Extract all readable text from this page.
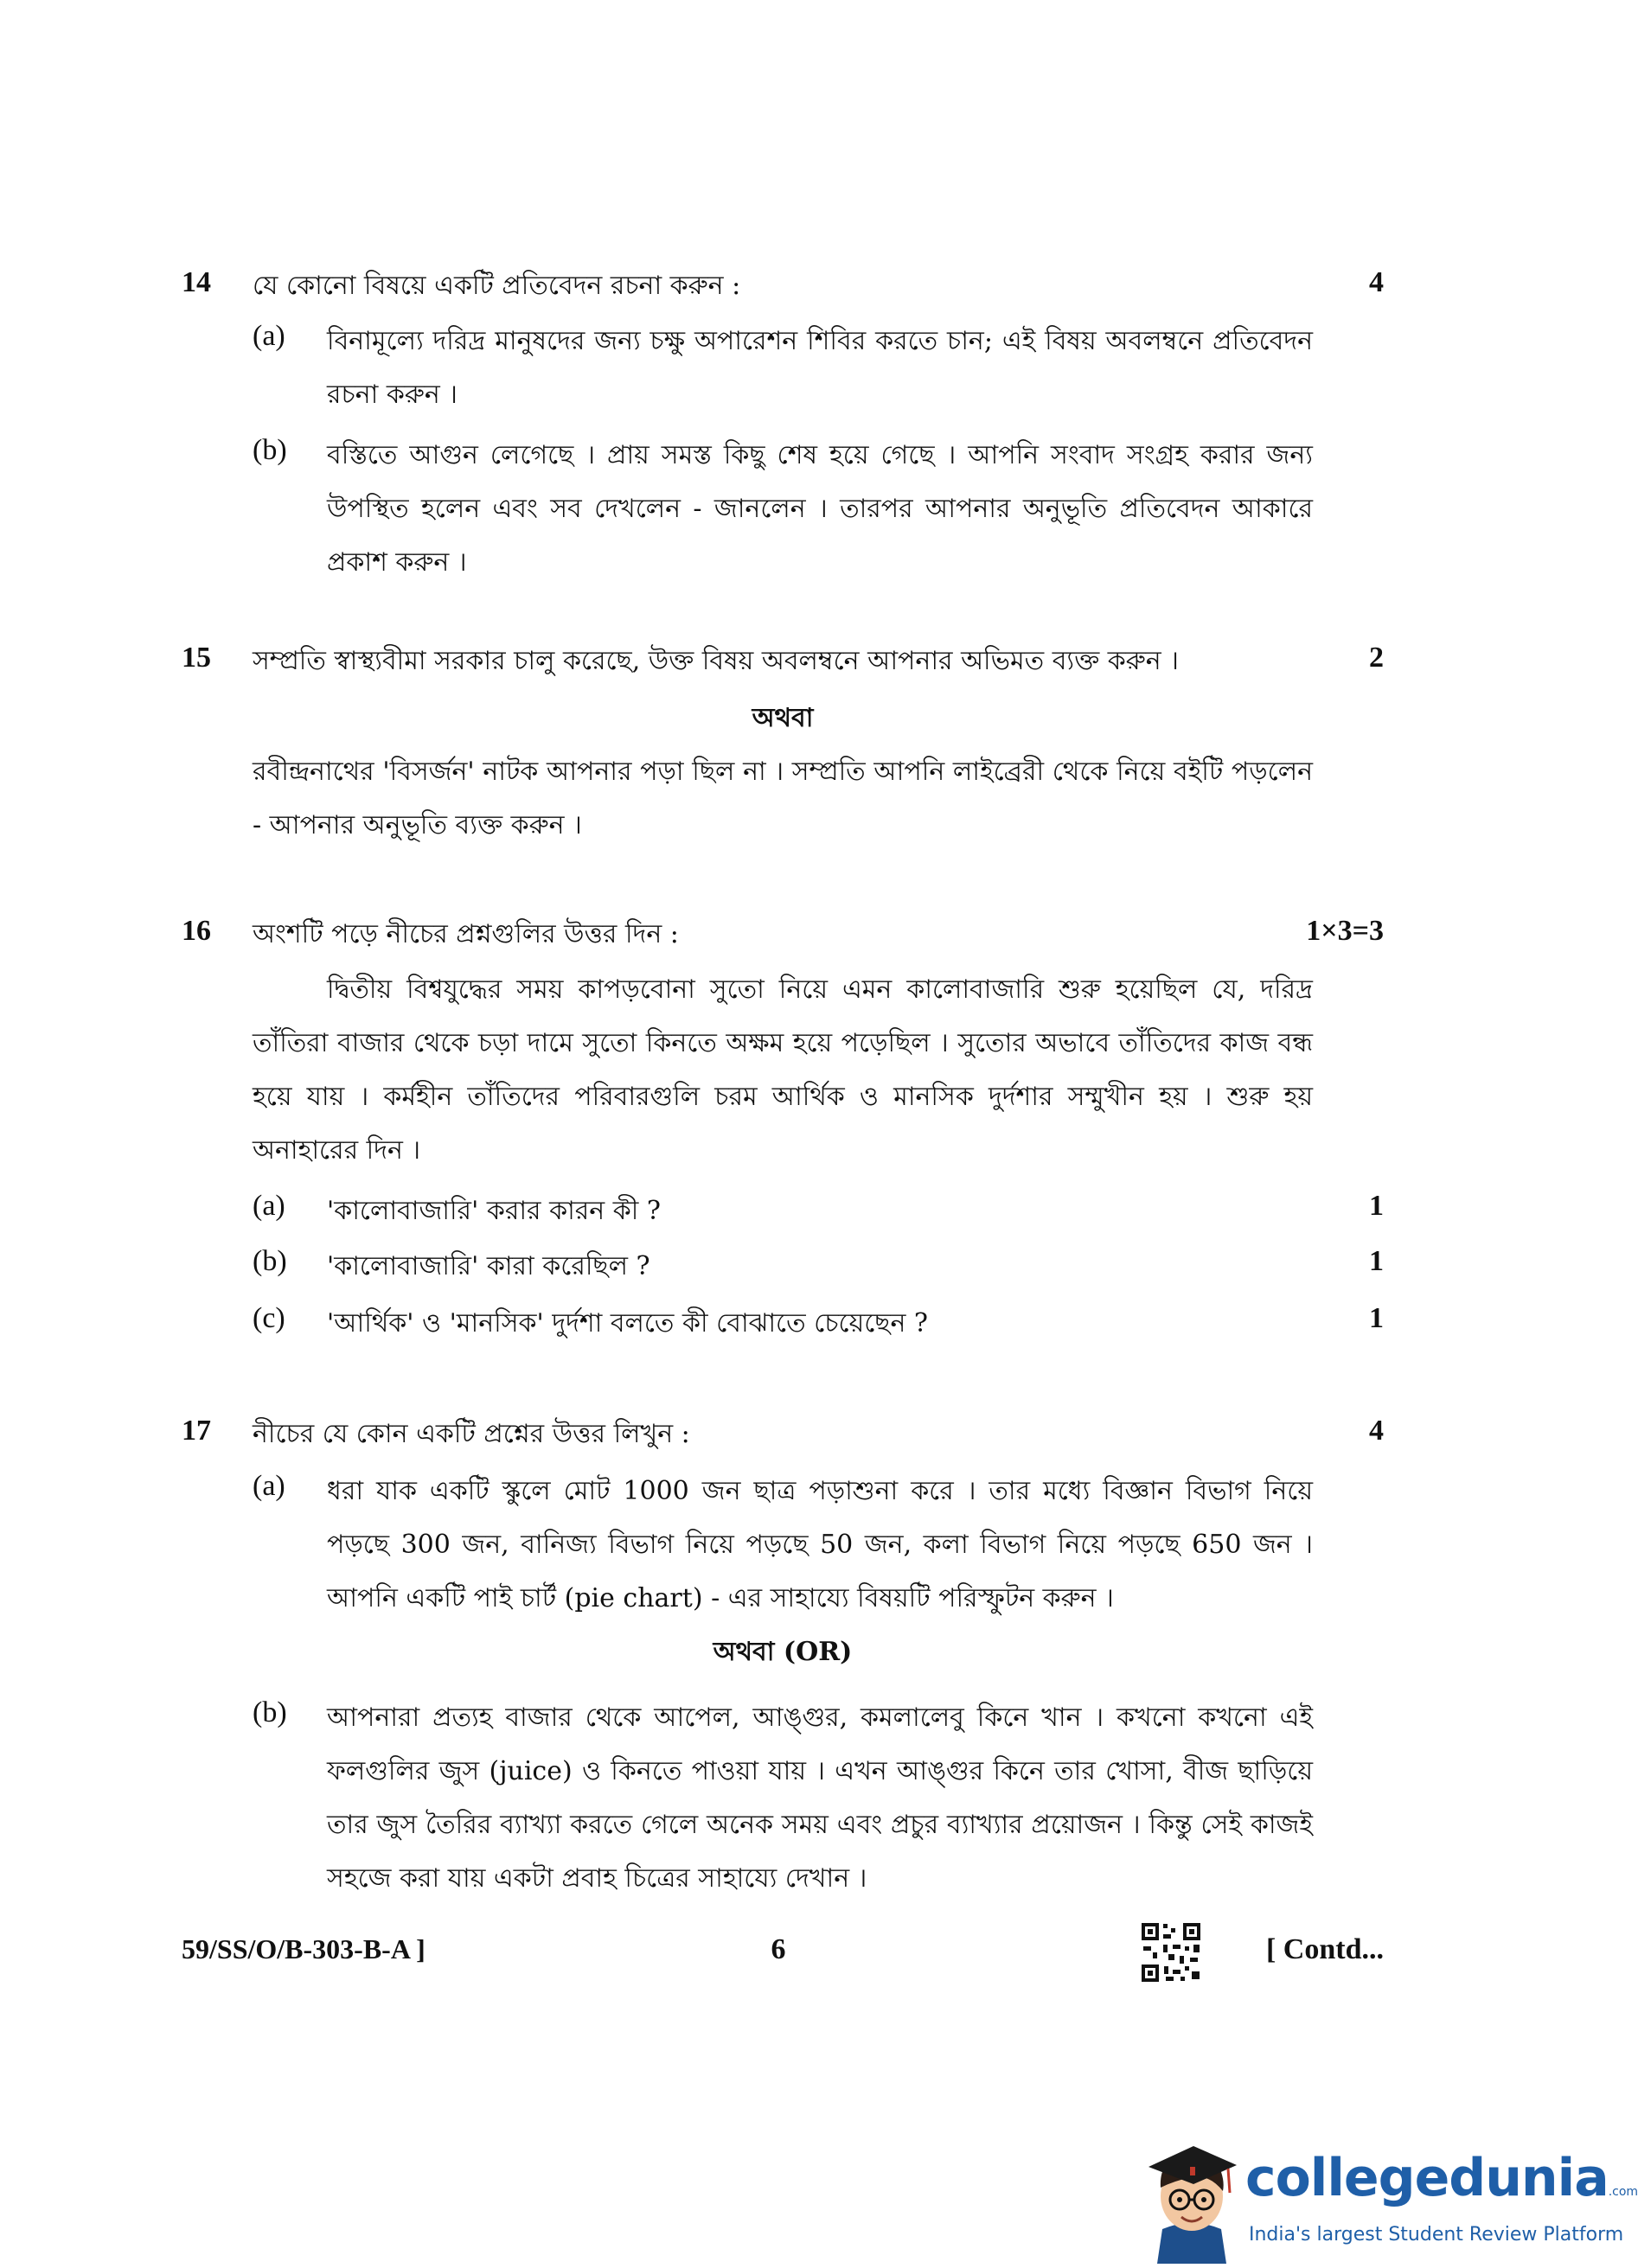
14 যে কোনো বিষয়ে একটি প্রতিবেদন রচনা করুন :	4
(a) বিনামূল্যে দরিদ্র মানুষদের জন্য চক্ষু অপারেশন শিবির করতে চান; এই বিষয় অবলম্বনে প্রতিবেদন রচনা করুন ।
(b) বস্তিতে আগুন লেগেছে । প্রায় সমস্ত কিছু শেষ হয়ে গেছে । আপনি সংবাদ সংগ্রহ করার জন্য উপস্থিত হলেন এবং সব দেখলেন - জানলেন । তারপর আপনার অনুভূতি প্রতিবেদন আকারে প্রকাশ করুন ।
15 সম্প্রতি স্বাস্থ্যবীমা সরকার চালু করেছে, উক্ত বিষয় অবলম্বনে আপনার অভিমত ব্যক্ত করুন ।	2
অথবা
রবীন্দ্রনাথের 'বিসর্জন' নাটক আপনার পড়া ছিল না । সম্প্রতি আপনি লাইব্রেরী থেকে নিয়ে বইটি পড়লেন - আপনার অনুভূতি ব্যক্ত করুন ।
16 অংশটি পড়ে নীচের প্রশ্নগুলির উত্তর দিন :	1×3=3
দ্বিতীয় বিশ্বযুদ্ধের সময় কাপড়বোনা সুতো নিয়ে এমন কালোবাজারি শুরু হয়েছিল যে, দরিদ্র তাঁতিরা বাজার থেকে চড়া দামে সুতো কিনতে অক্ষম হয়ে পড়েছিল । সুতোর অভাবে তাঁতিদের কাজ বন্ধ হয়ে যায় । কর্মহীন তাঁতিদের পরিবারগুলি চরম আর্থিক ও মানসিক দুর্দশার সম্মুখীন হয় । শুরু হয় অনাহারের দিন ।
(a) 'কালোবাজারি' করার কারন কী ?	1
(b) 'কালোবাজারি' কারা করেছিল ?	1
(c) 'আর্থিক' ও 'মানসিক' দুর্দশা বলতে কী বোঝাতে চেয়েছেন ?	1
17 নীচের যে কোন একটি প্রশ্নের উত্তর লিখুন :	4
(a) ধরা যাক একটি স্কুলে মোট 1000 জন ছাত্র পড়াশুনা করে । তার মধ্যে বিজ্ঞান বিভাগ নিয়ে পড়ছে 300 জন, বানিজ্য বিভাগ নিয়ে পড়ছে 50 জন, কলা বিভাগ নিয়ে পড়ছে 650 জন । আপনি একটি পাই চার্ট (pie chart) - এর সাহায্যে বিষয়টি পরিস্ফুটন করুন ।
অথবা (OR)
(b) আপনারা প্রত্যহ বাজার থেকে আপেল, আঙ্গুর, কমলালেবু কিনে খান । কখনো কখনো এই ফলগুলির জুস (juice) ও কিনতে পাওয়া যায় । এখন আঙ্গুর কিনে তার খোসা, বীজ ছাড়িয়ে তার জুস তৈরির ব্যাখ্যা করতে গেলে অনেক সময় এবং প্রচুর ব্যাখ্যার প্রয়োজন । কিন্তু সেই কাজই সহজে করা যায় একটা প্রবাহ চিত্রের সাহায্যে দেখান ।
59/SS/O/B-303-B-A ]	6	[ Contd...
collegedunia.com
India's largest Student Review Platform
